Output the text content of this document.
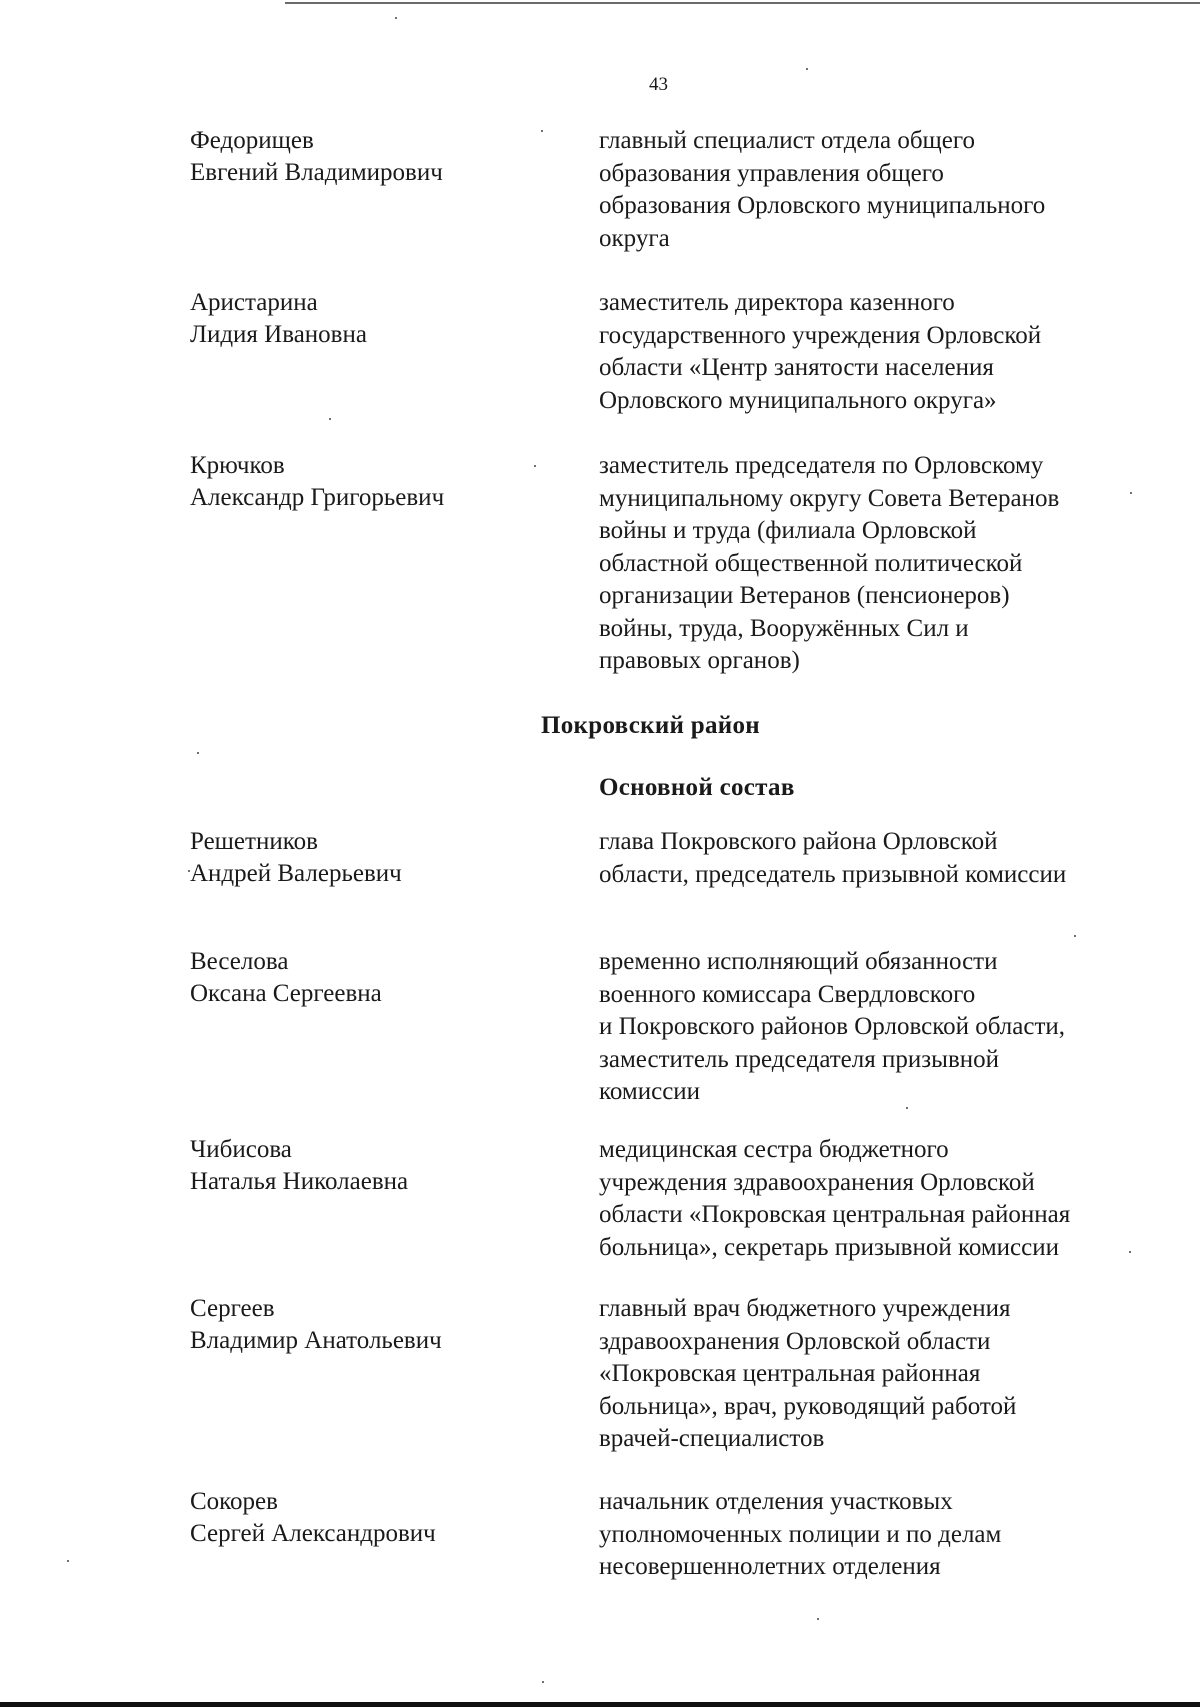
43
Федорищев
Евгений Владимирович
главный специалист отдела общего
образования управления общего
образования Орловского муниципального
округа
Аристарина
Лидия Ивановна
заместитель директора казенного
государственного учреждения Орловской
области «Центр занятости населения
Орловского муниципального округа»
Крючков
Александр Григорьевич
заместитель председателя по Орловскому
муниципальному округу Совета Ветеранов
войны и труда (филиала Орловской
областной общественной политической
организации Ветеранов (пенсионеров)
войны, труда, Вооружённых Сил и
правовых органов)
Покровский район
Основной состав
Решетников
Андрей Валерьевич
глава Покровского района Орловской
области, председатель призывной комиссии
Веселова
Оксана Сергеевна
временно исполняющий обязанности
военного комиссара Свердловского
и Покровского районов Орловской области,
заместитель председателя призывной
комиссии
Чибисова
Наталья Николаевна
медицинская сестра бюджетного
учреждения здравоохранения Орловской
области «Покровская центральная районная
больница», секретарь призывной комиссии
Сергеев
Владимир Анатольевич
главный врач бюджетного учреждения
здравоохранения Орловской области
«Покровская центральная районная
больница», врач, руководящий работой
врачей-специалистов
Сокорев
Сергей Александрович
начальник отделения участковых
уполномоченных полиции и по делам
несовершеннолетних отделения
